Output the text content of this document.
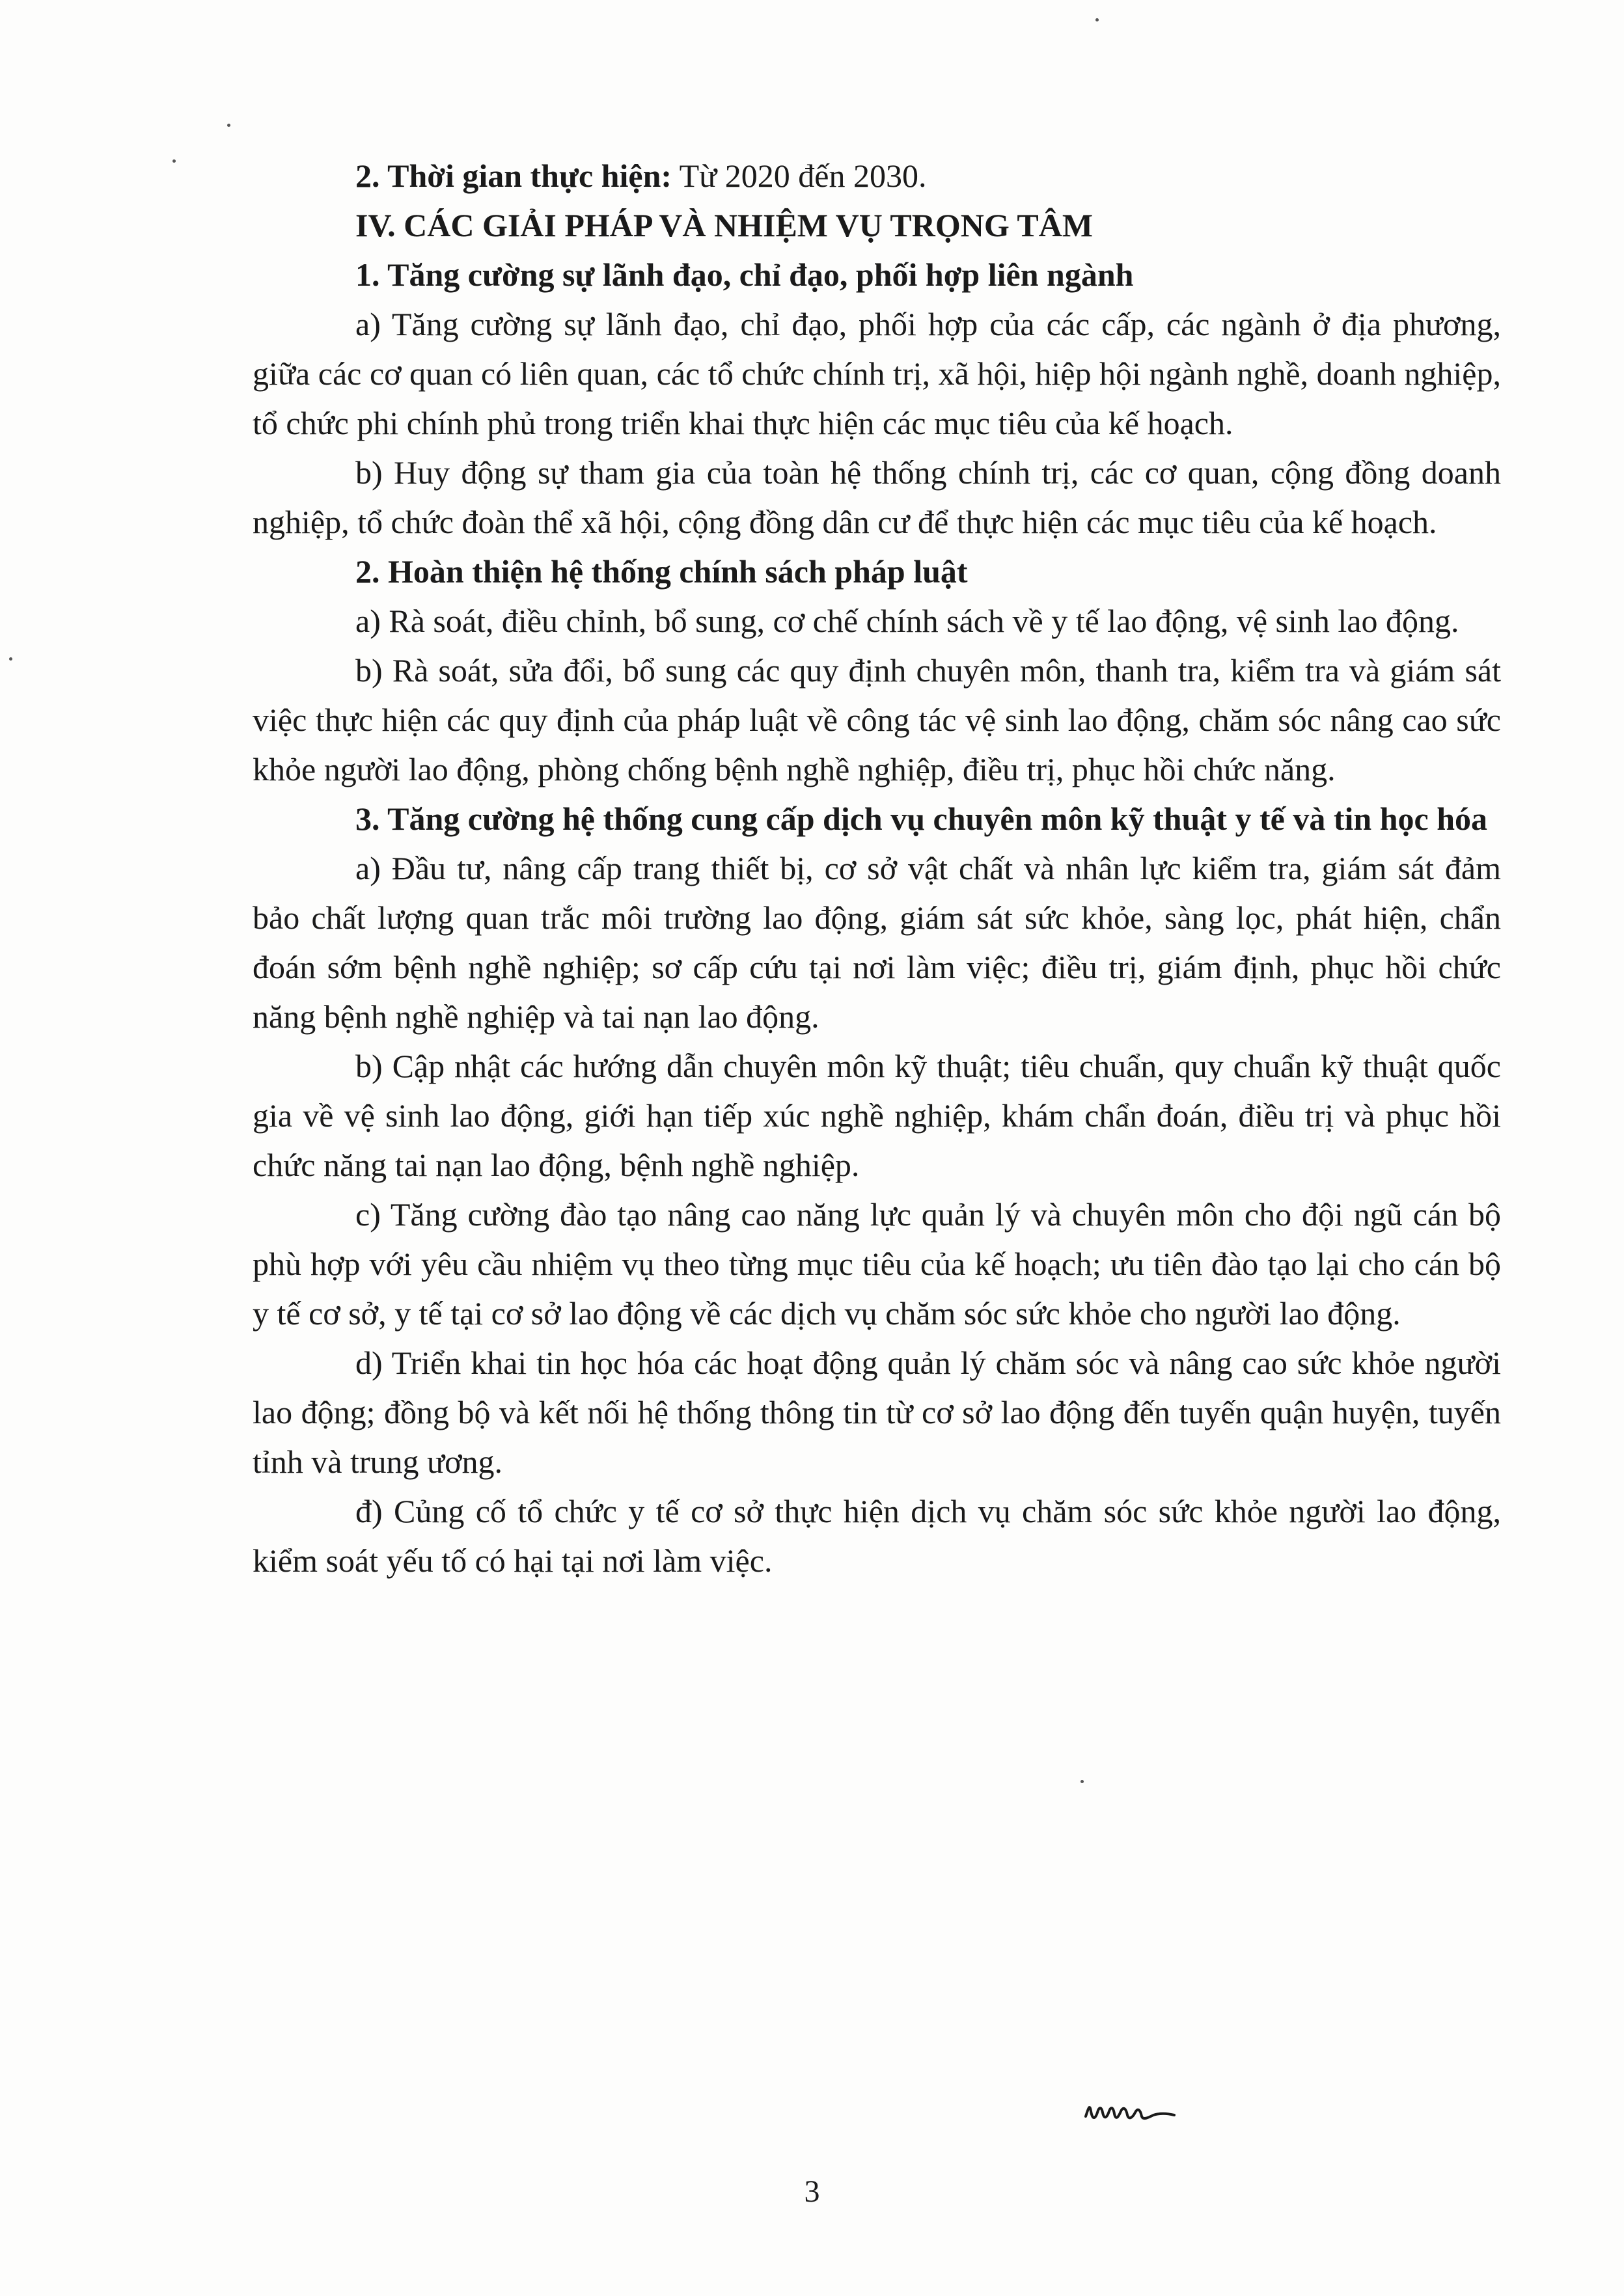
2. Thời gian thực hiện: Từ 2020 đến 2030.

IV. CÁC GIẢI PHÁP VÀ NHIỆM VỤ TRỌNG TÂM

1. Tăng cường sự lãnh đạo, chỉ đạo, phối hợp liên ngành

a) Tăng cường sự lãnh đạo, chỉ đạo, phối hợp của các cấp, các ngành ở địa phương, giữa các cơ quan có liên quan, các tổ chức chính trị, xã hội, hiệp hội ngành nghề, doanh nghiệp, tổ chức phi chính phủ trong triển khai thực hiện các mục tiêu của kế hoạch.

b) Huy động sự tham gia của toàn hệ thống chính trị, các cơ quan, cộng đồng doanh nghiệp, tổ chức đoàn thể xã hội, cộng đồng dân cư để thực hiện các mục tiêu của kế hoạch.

2. Hoàn thiện hệ thống chính sách pháp luật

a) Rà soát, điều chỉnh, bổ sung, cơ chế chính sách về y tế lao động, vệ sinh lao động.

b) Rà soát, sửa đổi, bổ sung các quy định chuyên môn, thanh tra, kiểm tra và giám sát việc thực hiện các quy định của pháp luật về công tác vệ sinh lao động, chăm sóc nâng cao sức khỏe người lao động, phòng chống bệnh nghề nghiệp, điều trị, phục hồi chức năng.

3. Tăng cường hệ thống cung cấp dịch vụ chuyên môn kỹ thuật y tế và tin học hóa

a) Đầu tư, nâng cấp trang thiết bị, cơ sở vật chất và nhân lực kiểm tra, giám sát đảm bảo chất lượng quan trắc môi trường lao động, giám sát sức khỏe, sàng lọc, phát hiện, chẩn đoán sớm bệnh nghề nghiệp; sơ cấp cứu tại nơi làm việc; điều trị, giám định, phục hồi chức năng bệnh nghề nghiệp và tai nạn lao động.

b) Cập nhật các hướng dẫn chuyên môn kỹ thuật; tiêu chuẩn, quy chuẩn kỹ thuật quốc gia về vệ sinh lao động, giới hạn tiếp xúc nghề nghiệp, khám chẩn đoán, điều trị và phục hồi chức năng tai nạn lao động, bệnh nghề nghiệp.

c) Tăng cường đào tạo nâng cao năng lực quản lý và chuyên môn cho đội ngũ cán bộ phù hợp với yêu cầu nhiệm vụ theo từng mục tiêu của kế hoạch; ưu tiên đào tạo lại cho cán bộ y tế cơ sở, y tế tại cơ sở lao động về các dịch vụ chăm sóc sức khỏe cho người lao động.

d) Triển khai tin học hóa các hoạt động quản lý chăm sóc và nâng cao sức khỏe người lao động; đồng bộ và kết nối hệ thống thông tin từ cơ sở lao động đến tuyến quận huyện, tuyến tỉnh và trung ương.

đ) Củng cố tổ chức y tế cơ sở thực hiện dịch vụ chăm sóc sức khỏe người lao động, kiểm soát yếu tố có hại tại nơi làm việc.

3
